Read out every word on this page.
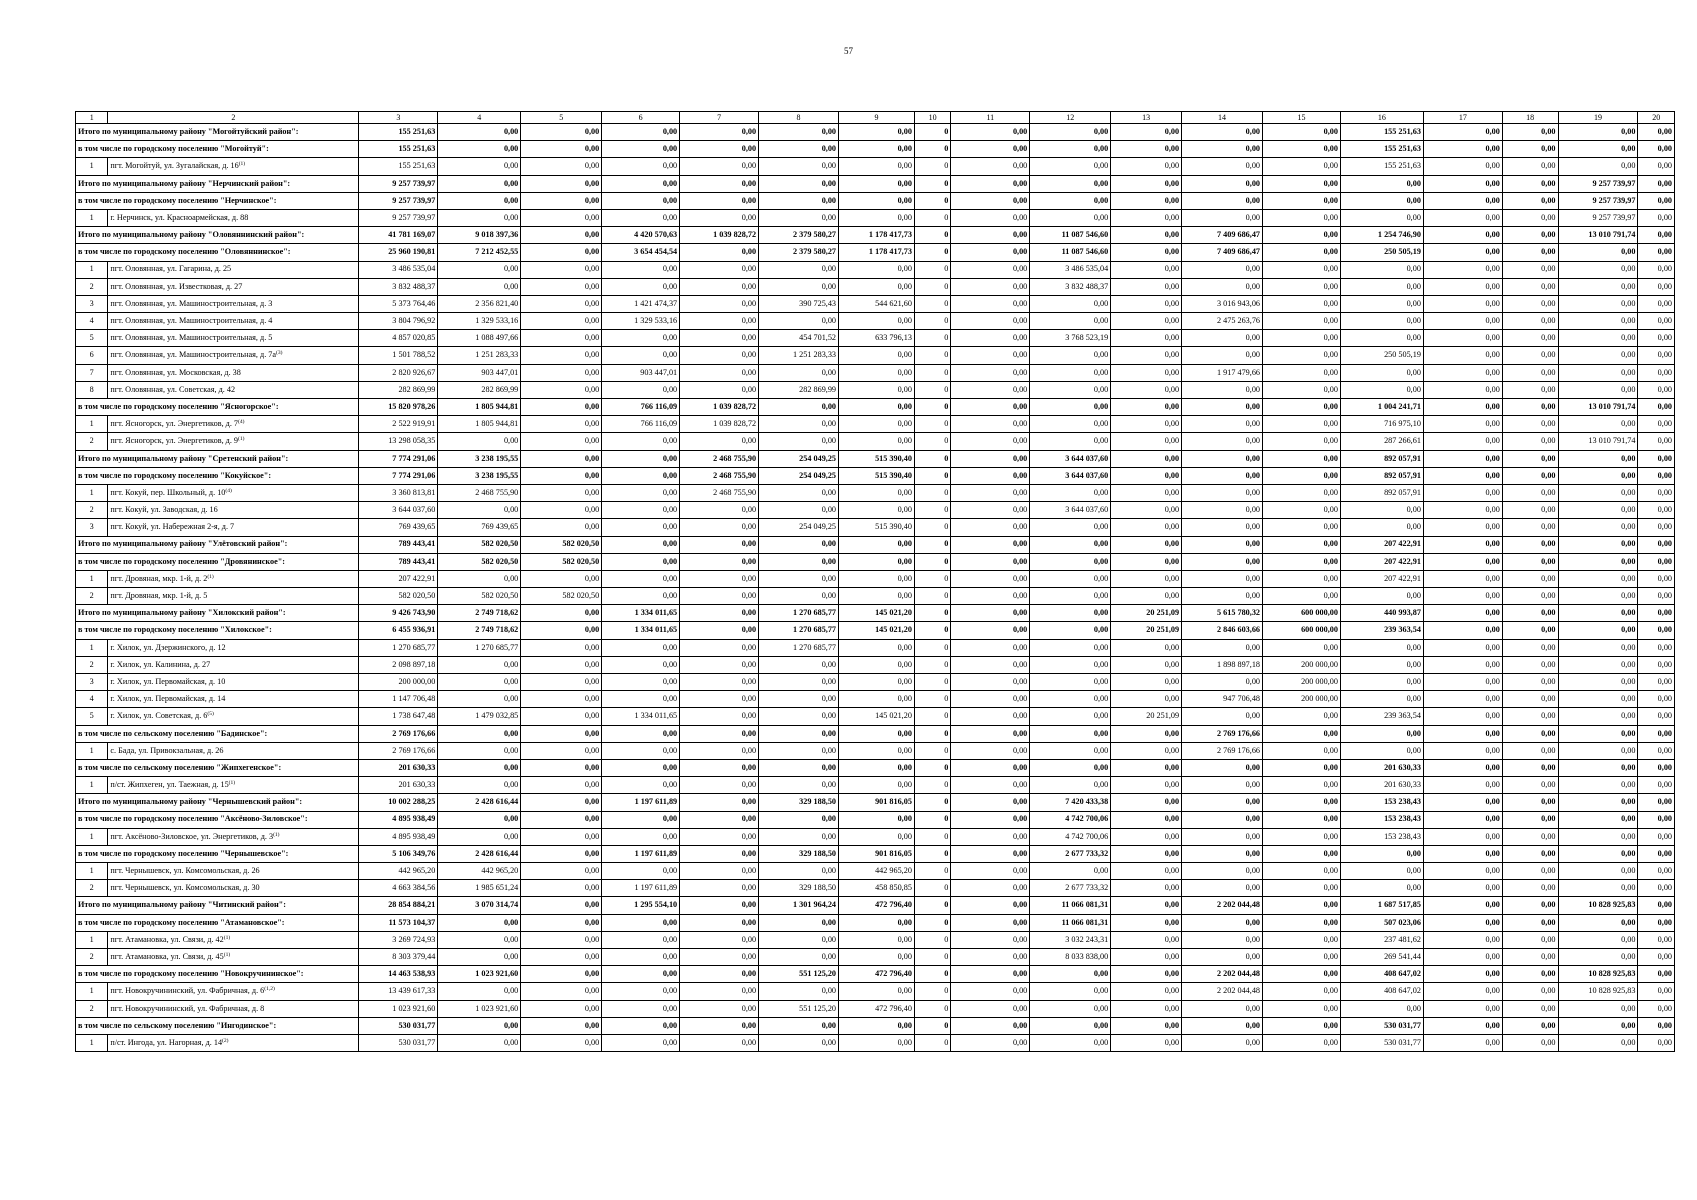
57
1	2	3	4	5	6	7	8	9	10	11	12	13	14	15	16	17	18	19	20
Итого по муниципальному району "Могойтуйский район":		155 251,63	0,00	0,00	0,00	0,00	0,00	0,00	0	0,00	0,00	0,00	0,00	0,00	155 251,63	0,00	0,00	0,00	0,00
в том числе по городскому поселению "Могойтуй":		155 251,63	0,00	0,00	0,00	0,00	0,00	0,00	0	0,00	0,00	0,00	0,00	0,00	155 251,63	0,00	0,00	0,00	0,00
1	пгт. Могойтуй, ул. Зугалайская, д. 16$^{(1)}$	155 251,63	0,00	0,00	0,00	0,00	0,00	0,00	0	0,00	0,00	0,00	0,00	0,00	155 251,63	0,00	0,00	0,00	0,00
Итого по муниципальному району "Нерчинский район":		9 257 739,97	0,00	0,00	0,00	0,00	0,00	0,00	0	0,00	0,00	0,00	0,00	0,00	0,00	0,00	0,00	9 257 739,97	0,00
в том числе по городскому поселению "Нерчинское":		9 257 739,97	0,00	0,00	0,00	0,00	0,00	0,00	0	0,00	0,00	0,00	0,00	0,00	0,00	0,00	0,00	9 257 739,97	0,00
1	г. Нерчинск, ул. Красноармейская, д. 88	9 257 739,97	0,00	0,00	0,00	0,00	0,00	0,00	0	0,00	0,00	0,00	0,00	0,00	0,00	0,00	0,00	9 257 739,97	0,00
Итого по муниципальному району "Оловяннинский район":		41 781 169,07	9 018 397,36	0,00	4 420 570,63	1 039 828,72	2 379 580,27	1 178 417,73	0	0,00	11 087 546,60	0,00	7 409 686,47	0,00	1 254 746,90	0,00	0,00	13 010 791,74	0,00
в том числе по городскому поселению "Оловяннинское":		25 960 190,81	7 212 452,55	0,00	3 654 454,54	0,00	2 379 580,27	1 178 417,73	0	0,00	11 087 546,60	0,00	7 409 686,47	0,00	250 505,19	0,00	0,00	0,00	0,00
1	пгт. Оловянная, ул. Гагарина, д. 25	3 486 535,04	0,00	0,00	0,00	0,00	0,00	0,00	0	0,00	3 486 535,04	0,00	0,00	0,00	0,00	0,00	0,00	0,00	0,00
2	пгт. Оловянная, ул. Известковая, д. 27	3 832 488,37	0,00	0,00	0,00	0,00	0,00	0,00	0	0,00	3 832 488,37	0,00	0,00	0,00	0,00	0,00	0,00	0,00	0,00
3	пгт. Оловянная, ул. Машиностроительная, д. 3	5 373 764,46	2 356 821,40	0,00	1 421 474,37	0,00	390 725,43	544 621,60	0	0,00	0,00	0,00	3 016 943,06	0,00	0,00	0,00	0,00	0,00	0,00
4	пгт. Оловянная, ул. Машиностроительная, д. 4	3 804 796,92	1 329 533,16	0,00	1 329 533,16	0,00	0,00	0,00	0	0,00	0,00	0,00	2 475 263,76	0,00	0,00	0,00	0,00	0,00	0,00
5	пгт. Оловянная, ул. Машиностроительная, д. 5	4 857 020,85	1 088 497,66	0,00	0,00	0,00	454 701,52	633 796,13	0	0,00	3 768 523,19	0,00	0,00	0,00	0,00	0,00	0,00	0,00	0,00
6	пгт. Оловянная, ул. Машиностроительная, д. $7а^{(3)}$	1 501 788,52	1 251 283,33	0,00	0,00	0,00	1 251 283,33	0,00	0	0,00	0,00	0,00	0,00	0,00	250 505,19	0,00	0,00	0,00	0,00
7	пгт. Оловянная, ул. Московская, д. 38	2 820 926,67	903 447,01	0,00	903 447,01	0,00	0,00	0,00	0	0,00	0,00	0,00	1 917 479,66	0,00	0,00	0,00	0,00	0,00	0,00
8	пгт. Оловянная, ул. Советская, д. 42	282 869,99	282 869,99	0,00	0,00	0,00	282 869,99	0,00	0	0,00	0,00	0,00	0,00	0,00	0,00	0,00	0,00	0,00	0,00
в том числе по городскому поселению "Ясногорское":		15 820 978,26	1 805 944,81	0,00	766 116,09	1 039 828,72	0,00	0,00	0	0,00	0,00	0,00	0,00	0,00	1 004 241,71	0,00	0,00	13 010 791,74	0,00
1	пгт. Ясногорск, ул. Энергетиков, д. 7$^{(4)}$	2 522 919,91	1 805 944,81	0,00	766 116,09	1 039 828,72	0,00	0,00	0	0,00	0,00	0,00	0,00	0,00	716 975,10	0,00	0,00	0,00	0,00
2	пгт. Ясногорск, ул. Энергетиков, д. 9$^{(1)}$	13 298 058,35	0,00	0,00	0,00	0,00	0,00	0,00	0	0,00	0,00	0,00	0,00	0,00	287 266,61	0,00	0,00	13 010 791,74	0,00
Итого по муниципальному району "Сретенский район":		7 774 291,06	3 238 195,55	0,00	0,00	2 468 755,90	254 049,25	515 390,40	0	0,00	3 644 037,60	0,00	0,00	0,00	892 057,91	0,00	0,00	0,00	0,00
в том числе по городскому поселению "Кокуйское":		7 774 291,06	3 238 195,55	0,00	0,00	2 468 755,90	254 049,25	515 390,40	0	0,00	3 644 037,60	0,00	0,00	0,00	892 057,91	0,00	0,00	0,00	0,00
1	пгт. Кокуй, пер. Школьный, д. 10$^{(4)}$	3 360 813,81	2 468 755,90	0,00	0,00	2 468 755,90	0,00	0,00	0	0,00	0,00	0,00	0,00	0,00	892 057,91	0,00	0,00	0,00	0,00
2	пгт. Кокуй, ул. Заводская, д. 16	3 644 037,60	0,00	0,00	0,00	0,00	0,00	0,00	0	0,00	3 644 037,60	0,00	0,00	0,00	0,00	0,00	0,00	0,00	0,00
3	пгт. Кокуй, ул. Набережная 2-я, д. 7	769 439,65	769 439,65	0,00	0,00	0,00	254 049,25	515 390,40	0	0,00	0,00	0,00	0,00	0,00	0,00	0,00	0,00	0,00	0,00
Итого по муниципальному району "Улётовский район":		789 443,41	582 020,50	582 020,50	0,00	0,00	0,00	0,00	0	0,00	0,00	0,00	0,00	0,00	207 422,91	0,00	0,00	0,00	0,00
в том числе по городскому поселению "Дровянинское":		789 443,41	582 020,50	582 020,50	0,00	0,00	0,00	0,00	0	0,00	0,00	0,00	0,00	0,00	207 422,91	0,00	0,00	0,00	0,00
1	пгт. Дровяная, мкр. 1-й, д. 2$^{(1)}$	207 422,91	0,00	0,00	0,00	0,00	0,00	0,00	0	0,00	0,00	0,00	0,00	0,00	207 422,91	0,00	0,00	0,00	0,00
2	пгт. Дровяная, мкр. 1-й, д. 5	582 020,50	582 020,50	582 020,50	0,00	0,00	0,00	0,00	0	0,00	0,00	0,00	0,00	0,00	0,00	0,00	0,00	0,00	0,00
Итого по муниципальному району "Хилокский район":		9 426 743,90	2 749 718,62	0,00	1 334 011,65	0,00	1 270 685,77	145 021,20	0	0,00	0,00	20 251,09	5 615 780,32	600 000,00	440 993,87	0,00	0,00	0,00	0,00
в том числе по городскому поселению "Хилокское":		6 455 936,91	2 749 718,62	0,00	1 334 011,65	0,00	1 270 685,77	145 021,20	0	0,00	0,00	20 251,09	2 846 603,66	600 000,00	239 363,54	0,00	0,00	0,00	0,00
1	г. Хилок, ул. Дзержинского, д. 12	1 270 685,77	1 270 685,77	0,00	0,00	0,00	1 270 685,77	0,00	0	0,00	0,00	0,00	0,00	0,00	0,00	0,00	0,00	0,00	0,00
2	г. Хилок, ул. Калинина, д. 27	2 098 897,18	0,00	0,00	0,00	0,00	0,00	0,00	0	0,00	0,00	0,00	1 898 897,18	200 000,00	0,00	0,00	0,00	0,00	0,00
3	г. Хилок, ул. Первомайская, д. 10	200 000,00	0,00	0,00	0,00	0,00	0,00	0,00	0	0,00	0,00	0,00	0,00	200 000,00	0,00	0,00	0,00	0,00	0,00
4	г. Хилок, ул. Первомайская, д. 14	1 147 706,48	0,00	0,00	0,00	0,00	0,00	0,00	0	0,00	0,00	0,00	947 706,48	200 000,00	0,00	0,00	0,00	0,00	0,00
5	г. Хилок, ул. Советская, д. 6$^{(5)}$	1 738 647,48	1 479 032,85	0,00	1 334 011,65	0,00	0,00	145 021,20	0	0,00	0,00	20 251,09	0,00	0,00	239 363,54	0,00	0,00	0,00	0,00
в том числе по сельскому поселению "Бадинское":		2 769 176,66	0,00	0,00	0,00	0,00	0,00	0,00	0	0,00	0,00	0,00	2 769 176,66	0,00	0,00	0,00	0,00	0,00	0,00
1	с. Бада, ул. Привокзальная, д. 26	2 769 176,66	0,00	0,00	0,00	0,00	0,00	0,00	0	0,00	0,00	0,00	2 769 176,66	0,00	0,00	0,00	0,00	0,00	0,00
в том числе по сельскому поселению "Жипхегенское":		201 630,33	0,00	0,00	0,00	0,00	0,00	0,00	0	0,00	0,00	0,00	0,00	0,00	201 630,33	0,00	0,00	0,00	0,00
1	п/ст. Жипхеген, ул. Таежная, д. 15$^{(1)}$	201 630,33	0,00	0,00	0,00	0,00	0,00	0,00	0	0,00	0,00	0,00	0,00	0,00	201 630,33	0,00	0,00	0,00	0,00
Итого по муниципальному району "Чернышевский район":		10 002 288,25	2 428 616,44	0,00	1 197 611,89	0,00	329 188,50	901 816,05	0	0,00	7 420 433,38	0,00	0,00	0,00	153 238,43	0,00	0,00	0,00	0,00
в том числе по городскому поселению "Аксёново-Зиловское":		4 895 938,49	0,00	0,00	0,00	0,00	0,00	0,00	0	0,00	4 742 700,06	0,00	0,00	0,00	153 238,43	0,00	0,00	0,00	0,00
1	пгт. Аксёново-Зиловское, ул. Энергетиков, д. 3$^{(1)}$	4 895 938,49	0,00	0,00	0,00	0,00	0,00	0,00	0	0,00	4 742 700,06	0,00	0,00	0,00	153 238,43	0,00	0,00	0,00	0,00
в том числе по городскому поселению "Чернышевское":		5 106 349,76	2 428 616,44	0,00	1 197 611,89	0,00	329 188,50	901 816,05	0	0,00	2 677 733,32	0,00	0,00	0,00	0,00	0,00	0,00	0,00	0,00
1	пгт. Чернышевск, ул. Комсомольская, д. 26	442 965,20	442 965,20	0,00	0,00	0,00	0,00	442 965,20	0	0,00	0,00	0,00	0,00	0,00	0,00	0,00	0,00	0,00	0,00
2	пгт. Чернышевск, ул. Комсомольская, д. 30	4 663 384,56	1 985 651,24	0,00	1 197 611,89	0,00	329 188,50	458 850,85	0	0,00	2 677 733,32	0,00	0,00	0,00	0,00	0,00	0,00	0,00	0,00
Итого по муниципальному району "Читинский район":		28 854 884,21	3 070 314,74	0,00	1 295 554,10	0,00	1 301 964,24	472 796,40	0	0,00	11 066 081,31	0,00	2 202 044,48	0,00	1 687 517,85	0,00	0,00	10 828 925,83	0,00
в том числе по городскому поселению "Атамановское":		11 573 104,37	0,00	0,00	0,00	0,00	0,00	0,00	0	0,00	11 066 081,31	0,00	0,00	0,00	507 023,06	0,00	0,00	0,00	0,00
1	пгт. Атамановка, ул. Связи, д. 42$^{(1)}$	3 269 724,93	0,00	0,00	0,00	0,00	0,00	0,00	0	0,00	3 032 243,31	0,00	0,00	0,00	237 481,62	0,00	0,00	0,00	0,00
2	пгт. Атамановка, ул. Связи, д. 45$^{(1)}$	8 303 379,44	0,00	0,00	0,00	0,00	0,00	0,00	0	0,00	8 033 838,00	0,00	0,00	0,00	269 541,44	0,00	0,00	0,00	0,00
в том числе по городскому поселению "Новокручининское":		14 463 538,93	1 023 921,60	0,00	0,00	0,00	551 125,20	472 796,40	0	0,00	0,00	0,00	2 202 044,48	0,00	408 647,02	0,00	0,00	10 828 925,83	0,00
1	пгт. Новокручининский, ул. Фабричная, д. 6$^{(1,2)}$	13 439 617,33	0,00	0,00	0,00	0,00	0,00	0,00	0	0,00	0,00	0,00	2 202 044,48	0,00	408 647,02	0,00	0,00	10 828 925,83	0,00
2	пгт. Новокручининский, ул. Фабричная, д. 8	1 023 921,60	1 023 921,60	0,00	0,00	0,00	551 125,20	472 796,40	0	0,00	0,00	0,00	0,00	0,00	0,00	0,00	0,00	0,00	0,00
в том числе по сельскому поселению "Ингодинское":		530 031,77	0,00	0,00	0,00	0,00	0,00	0,00	0	0,00	0,00	0,00	0,00	0,00	530 031,77	0,00	0,00	0,00	0,00
1	п/ст. Ингода, ул. Нагорная, д. 14$^{(2)}$	530 031,77	0,00	0,00	0,00	0,00	0,00	0,00	0	0,00	0,00	0,00	0,00	0,00	530 031,77	0,00	0,00	0,00	0,00
